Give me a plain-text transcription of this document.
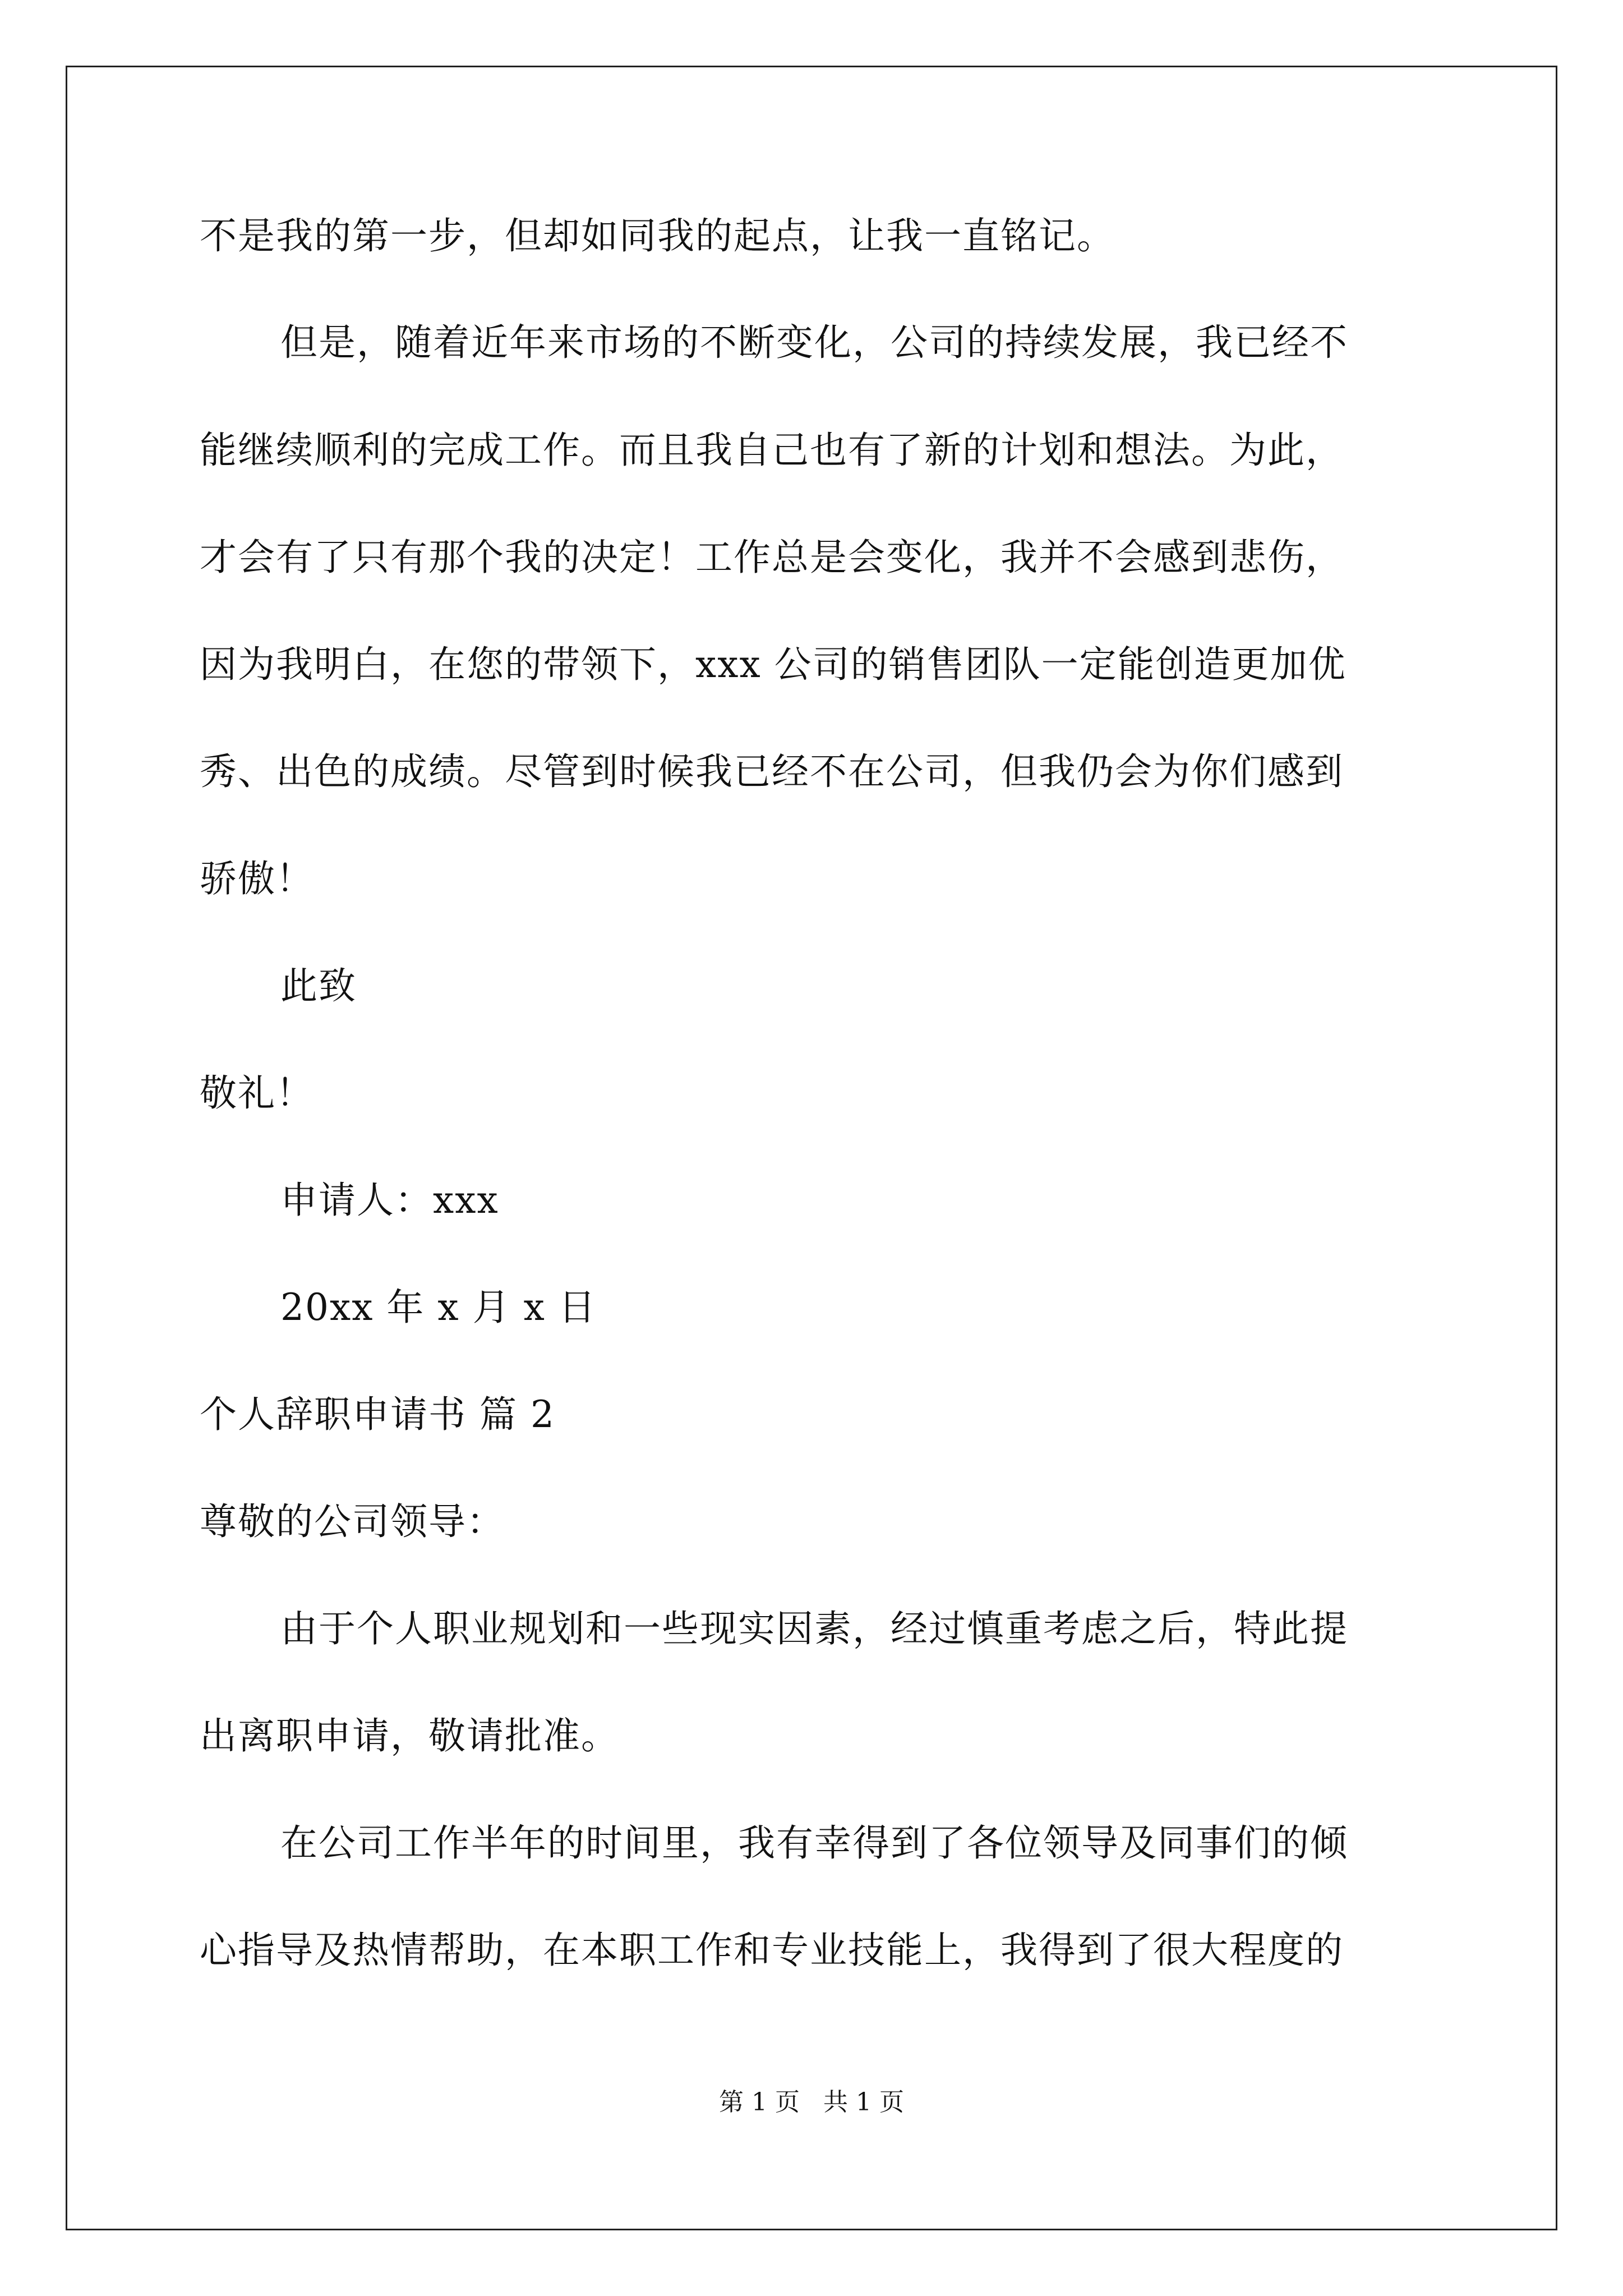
不是我的第一步，但却如同我的起点，让我一直铭记。
但是，随着近年来市场的不断变化，公司的持续发展，我已经不
能继续顺利的完成工作。而且我自己也有了新的计划和想法。为此，
才会有了只有那个我的决定！工作总是会变化，我并不会感到悲伤，
因为我明白，在您的带领下，xxx 公司的销售团队一定能创造更加优
秀、出色的成绩。尽管到时候我已经不在公司，但我仍会为你们感到
骄傲！
此致
敬礼！
申请人：xxx
20xx 年 x 月 x 日
个人辞职申请书 篇 2
尊敬的公司领导：
由于个人职业规划和一些现实因素，经过慎重考虑之后，特此提
出离职申请，敬请批准。
在公司工作半年的时间里，我有幸得到了各位领导及同事们的倾
心指导及热情帮助，在本职工作和专业技能上，我得到了很大程度的
第 1 页   共 1 页
